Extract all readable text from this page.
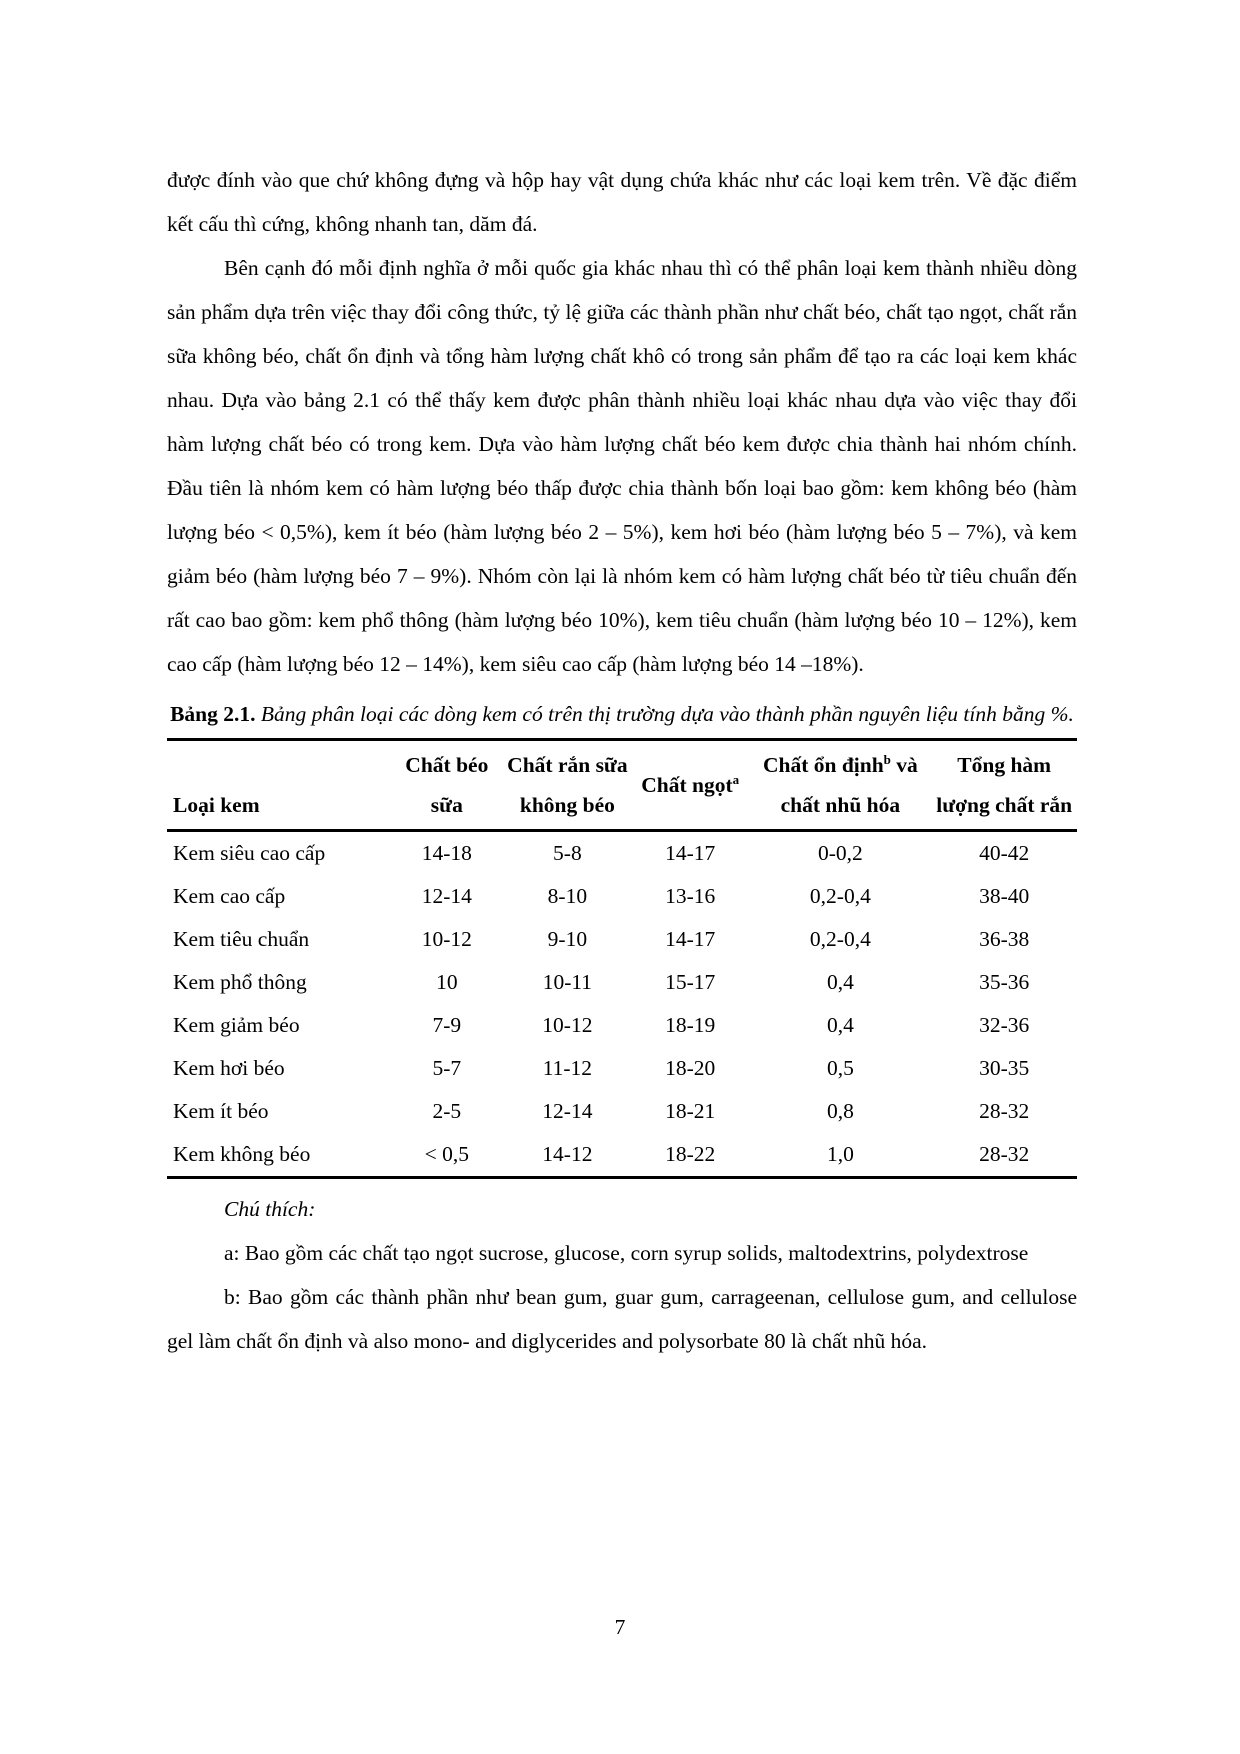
được đính vào que chứ không đựng và hộp hay vật dụng chứa khác như các loại kem trên. Về đặc điểm kết cấu thì cứng, không nhanh tan, dăm đá.

Bên cạnh đó mỗi định nghĩa ở mỗi quốc gia khác nhau thì có thể phân loại kem thành nhiều dòng sản phẩm dựa trên việc thay đổi công thức, tỷ lệ giữa các thành phần như chất béo, chất tạo ngọt, chất rắn sữa không béo, chất ổn định và tổng hàm lượng chất khô có trong sản phẩm để tạo ra các loại kem khác nhau. Dựa vào bảng 2.1 có thể thấy kem được phân thành nhiều loại khác nhau dựa vào việc thay đổi hàm lượng chất béo có trong kem. Dựa vào hàm lượng chất béo kem được chia thành hai nhóm chính. Đầu tiên là nhóm kem có hàm lượng béo thấp được chia thành bốn loại bao gồm: kem không béo (hàm lượng béo < 0,5%), kem ít béo (hàm lượng béo 2 – 5%), kem hơi béo (hàm lượng béo 5 – 7%), và kem giảm béo (hàm lượng béo 7 – 9%). Nhóm còn lại là nhóm kem có hàm lượng chất béo từ tiêu chuẩn đến rất cao bao gồm: kem phổ thông (hàm lượng béo 10%), kem tiêu chuẩn (hàm lượng béo 10 – 12%), kem cao cấp (hàm lượng béo 12 – 14%), kem siêu cao cấp (hàm lượng béo 14 –18%).

Bảng 2.1. Bảng phân loại các dòng kem có trên thị trường dựa vào thành phần nguyên liệu tính bằng %.
Loại kem	Chất béo sữa	Chất rắn sữa không béo	Chất ngọt$^a$	Chất ổn định$^b$ và chất nhũ hóa	Tổng hàm lượng chất rắn
Kem siêu cao cấp	14-18	5-8	14-17	0-0,2	40-42
Kem cao cấp	12-14	8-10	13-16	0,2-0,4	38-40
Kem tiêu chuẩn	10-12	9-10	14-17	0,2-0,4	36-38
Kem phổ thông	10	10-11	15-17	0,4	35-36
Kem giảm béo	7-9	10-12	18-19	0,4	32-36
Kem hơi béo	5-7	11-12	18-20	0,5	30-35
Kem ít béo	2-5	12-14	18-21	0,8	28-32
Kem không béo	< 0,5	14-12	18-22	1,0	28-32

Chú thích:

a: Bao gồm các chất tạo ngọt sucrose, glucose, corn syrup solids, maltodextrins, polydextrose

b: Bao gồm các thành phần như bean gum, guar gum, carrageenan, cellulose gum, and cellulose gel làm chất ổn định và also mono- and diglycerides and polysorbate 80 là chất nhũ hóa.

7
